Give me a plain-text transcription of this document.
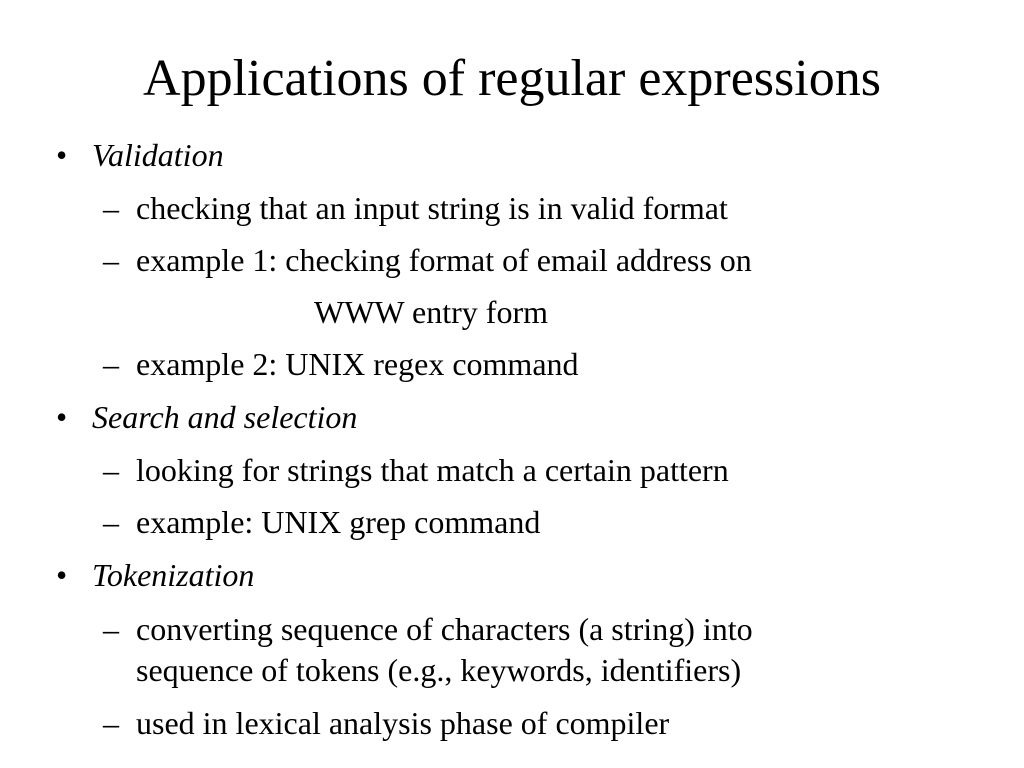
Applications of regular expressions
• Validation
– checking that an input string is in valid format
– example 1: checking format of email address on
WWW entry form
– example 2: UNIX regex command
• Search and selection
– looking for strings that match a certain pattern
– example: UNIX grep command
• Tokenization
– converting sequence of characters (a string) into
sequence of tokens (e.g., keywords, identifiers)
– used in lexical analysis phase of compiler
